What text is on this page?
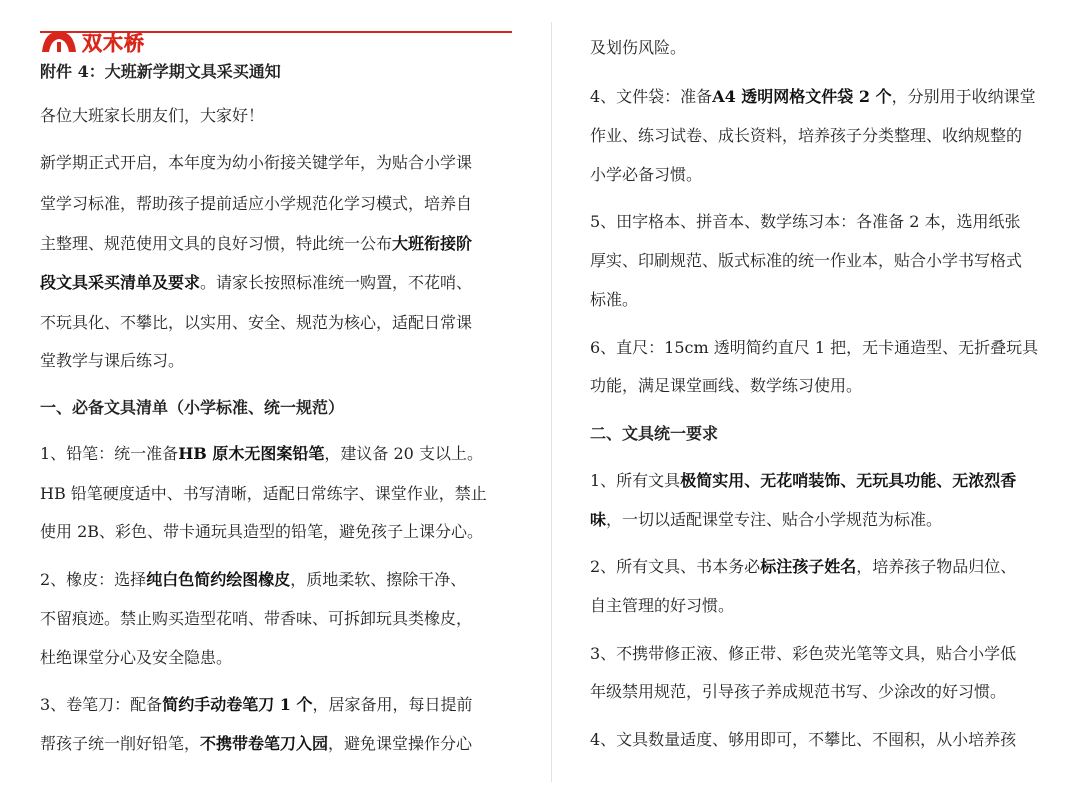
双木桥

附件 4：大班新学期文具采买通知

各位大班家长朋友们，大家好！

新学期正式开启，本年度为幼小衔接关键学年，为贴合小学课

堂学习标准，帮助孩子提前适应小学规范化学习模式，培养自

主整理、规范使用文具的良好习惯，特此统一公布大班衔接阶

段文具采买清单及要求。请家长按照标准统一购置，不花哨、

不玩具化、不攀比，以实用、安全、规范为核心，适配日常课

堂教学与课后练习。

一、必备文具清单（小学标准、统一规范）

1、铅笔：统一准备HB 原木无图案铅笔，建议备 20 支以上。

HB 铅笔硬度适中、书写清晰，适配日常练字、课堂作业，禁止

使用 2B、彩色、带卡通玩具造型的铅笔，避免孩子上课分心。

2、橡皮：选择纯白色简约绘图橡皮，质地柔软、擦除干净、

不留痕迹。禁止购买造型花哨、带香味、可拆卸玩具类橡皮，

杜绝课堂分心及安全隐患。

3、卷笔刀：配备简约手动卷笔刀 1 个，居家备用，每日提前

帮孩子统一削好铅笔，不携带卷笔刀入园，避免课堂操作分心

及划伤风险。

4、文件袋：准备A4 透明网格文件袋 2 个，分别用于收纳课堂

作业、练习试卷、成长资料，培养孩子分类整理、收纳规整的

小学必备习惯。

5、田字格本、拼音本、数学练习本：各准备 2 本，选用纸张

厚实、印刷规范、版式标准的统一作业本，贴合小学书写格式

标准。

6、直尺：15cm 透明简约直尺 1 把，无卡通造型、无折叠玩具

功能，满足课堂画线、数学练习使用。

二、文具统一要求

1、所有文具极简实用、无花哨装饰、无玩具功能、无浓烈香

味，一切以适配课堂专注、贴合小学规范为标准。

2、所有文具、书本务必标注孩子姓名，培养孩子物品归位、

自主管理的好习惯。

3、不携带修正液、修正带、彩色荧光笔等文具，贴合小学低

年级禁用规范，引导孩子养成规范书写、少涂改的好习惯。

4、文具数量适度、够用即可，不攀比、不囤积，从小培养孩
